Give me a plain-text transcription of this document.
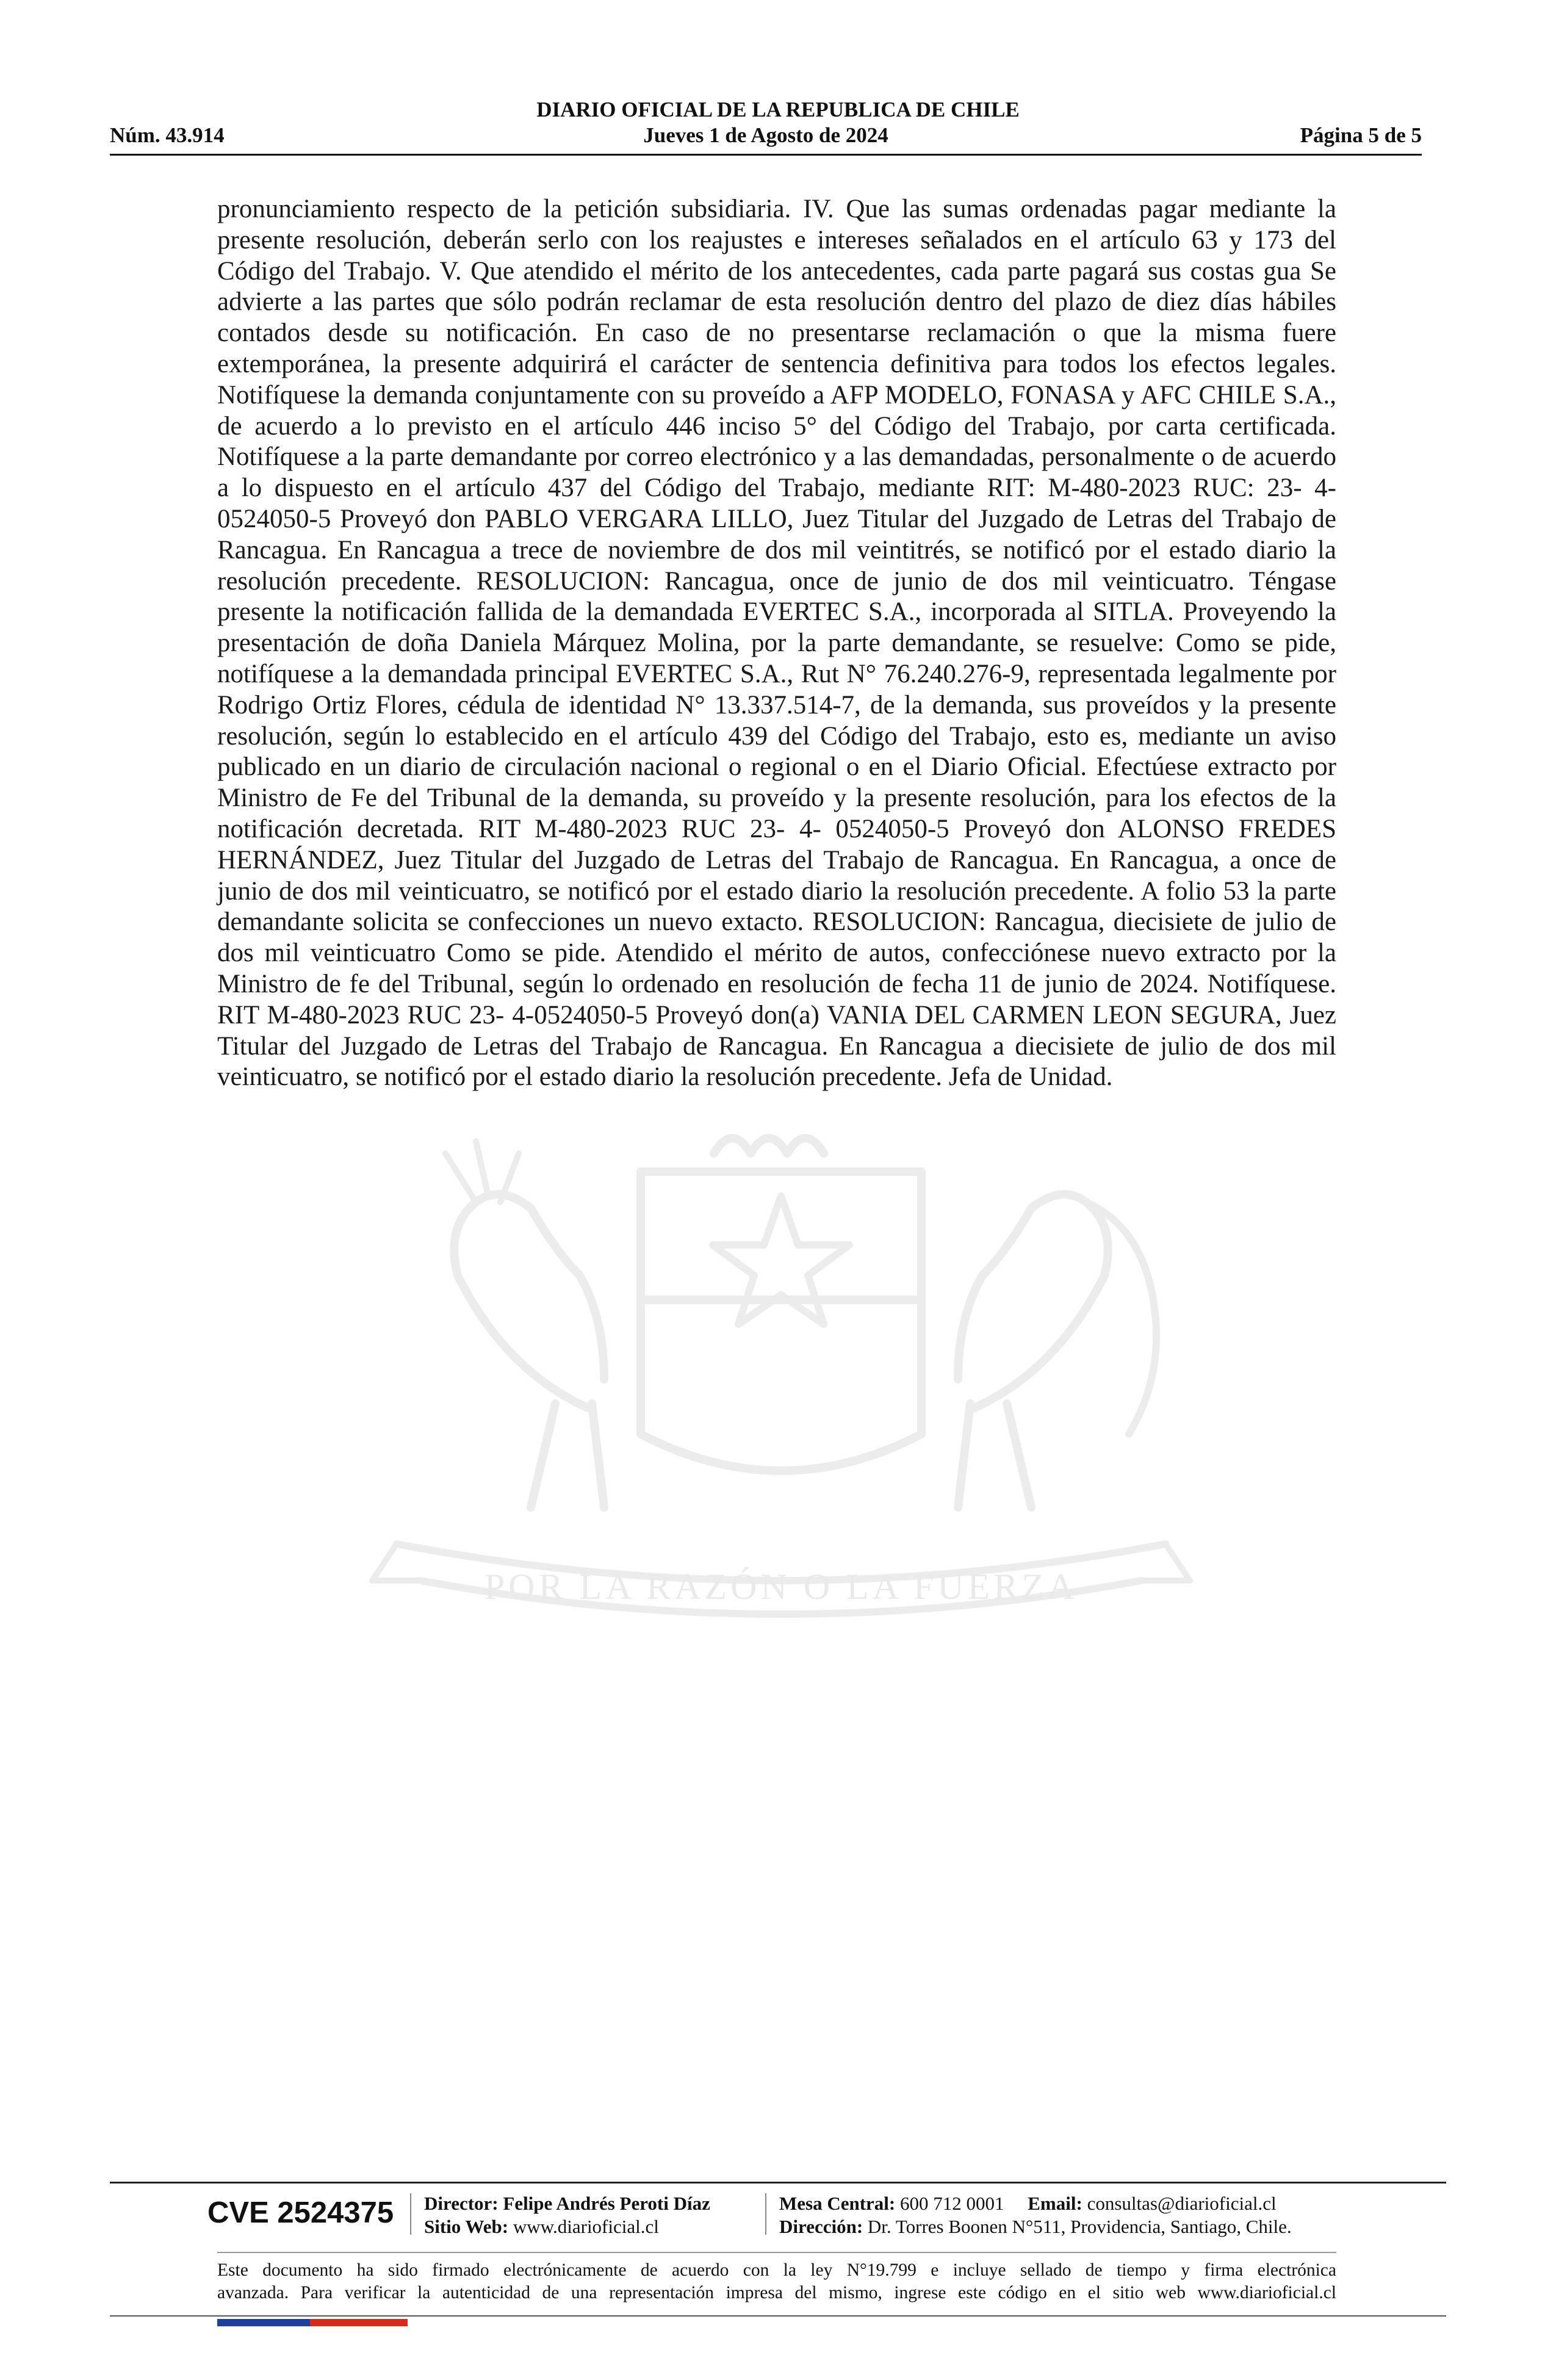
DIARIO OFICIAL DE LA REPUBLICA DE CHILE
Núm. 43.914	Jueves 1 de Agosto de 2024	Página 5 de 5
POR LA RAZÓN O LA FUERZA
pronunciamiento respecto de la petición subsidiaria. IV. Que las sumas ordenadas pagar mediante la presente resolución, deberán serlo con los reajustes e intereses señalados en el artículo 63 y 173 del Código del Trabajo. V. Que atendido el mérito de los antecedentes, cada parte pagará sus costas gua Se advierte a las partes que sólo podrán reclamar de esta resolución dentro del plazo de diez días hábiles contados desde su notificación. En caso de no presentarse reclamación o que la misma fuere extemporánea, la presente adquirirá el carácter de sentencia definitiva para todos los efectos legales. Notifíquese la demanda conjuntamente con su proveído a AFP MODELO, FONASA y AFC CHILE S.A., de acuerdo a lo previsto en el artículo 446 inciso 5° del Código del Trabajo, por carta certificada. Notifíquese a la parte demandante por correo electrónico y a las demandadas, personalmente o de acuerdo a lo dispuesto en el artículo 437 del Código del Trabajo, mediante RIT: M-480-2023 RUC: 23- 4-0524050-5 Proveyó don PABLO VERGARA LILLO, Juez Titular del Juzgado de Letras del Trabajo de Rancagua. En Rancagua a trece de noviembre de dos mil veintitrés, se notificó por el estado diario la resolución precedente. RESOLUCION: Rancagua, once de junio de dos mil veinticuatro. Téngase presente la notificación fallida de la demandada EVERTEC S.A., incorporada al SITLA. Proveyendo la presentación de doña Daniela Márquez Molina, por la parte demandante, se resuelve: Como se pide, notifíquese a la demandada principal EVERTEC S.A., Rut N° 76.240.276-9, representada legalmente por Rodrigo Ortiz Flores, cédula de identidad N° 13.337.514-7, de la demanda, sus proveídos y la presente resolución, según lo establecido en el artículo 439 del Código del Trabajo, esto es, mediante un aviso publicado en un diario de circulación nacional o regional o en el Diario Oficial. Efectúese extracto por Ministro de Fe del Tribunal de la demanda, su proveído y la presente resolución, para los efectos de la notificación decretada. RIT M-480-2023 RUC 23- 4- 0524050-5 Proveyó don ALONSO FREDES HERNÁNDEZ, Juez Titular del Juzgado de Letras del Trabajo de Rancagua. En Rancagua, a once de junio de dos mil veinticuatro, se notificó por el estado diario la resolución precedente. A folio 53 la parte demandante solicita se confecciones un nuevo extacto. RESOLUCION: Rancagua, diecisiete de julio de dos mil veinticuatro Como se pide. Atendido el mérito de autos, confecciónese nuevo extracto por la Ministro de fe del Tribunal, según lo ordenado en resolución de fecha 11 de junio de 2024. Notifíquese. RIT M-480-2023 RUC 23- 4-0524050-5 Proveyó don(a) VANIA DEL CARMEN LEON SEGURA, Juez Titular del Juzgado de Letras del Trabajo de Rancagua. En Rancagua a diecisiete de julio de dos mil veinticuatro, se notificó por el estado diario la resolución precedente. Jefa de Unidad.
CVE 2524375 Director: Felipe Andrés Peroti Díaz
Sitio Web: www.diarioficial.cl
Mesa Central: 600 712 0001 Email: consultas@diarioficial.cl
Dirección: Dr. Torres Boonen N°511, Providencia, Santiago, Chile.
Este documento ha sido firmado electrónicamente de acuerdo con la ley N°19.799 e incluye sellado de tiempo y firma electrónica
avanzada. Para verificar la autenticidad de una representación impresa del mismo, ingrese este código en el sitio web www.diarioficial.cl
